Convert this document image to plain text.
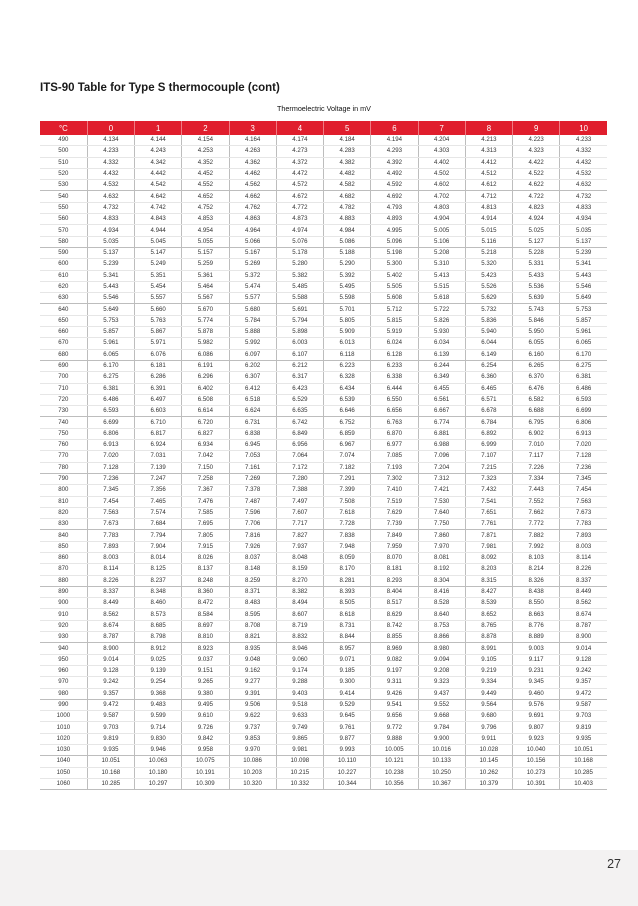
ITS-90 Table for Type S thermocouple (cont)
Thermoelectric Voltage in mV
°C	0	1	2	3	4	5	6	7	8	9	10
490	4.134	4.144	4.154	4.164	4.174	4.184	4.194	4.204	4.213	4.223	4.233
500	4.233	4.243	4.253	4.263	4.273	4.283	4.293	4.303	4.313	4.323	4.332
510	4.332	4.342	4.352	4.362	4.372	4.382	4.392	4.402	4.412	4.422	4.432
520	4.432	4.442	4.452	4.462	4.472	4.482	4.492	4.502	4.512	4.522	4.532
530	4.532	4.542	4.552	4.562	4.572	4.582	4.592	4.602	4.612	4.622	4.632
540	4.632	4.642	4.652	4.662	4.672	4.682	4.692	4.702	4.712	4.722	4.732
550	4.732	4.742	4.752	4.762	4.772	4.782	4.793	4.803	4.813	4.823	4.833
560	4.833	4.843	4.853	4.863	4.873	4.883	4.893	4.904	4.914	4.924	4.934
570	4.934	4.944	4.954	4.964	4.974	4.984	4.995	5.005	5.015	5.025	5.035
580	5.035	5.045	5.055	5.066	5.076	5.086	5.096	5.106	5.116	5.127	5.137
590	5.137	5.147	5.157	5.167	5.178	5.188	5.198	5.208	5.218	5.228	5.239
600	5.239	5.249	5.259	5.269	5.280	5.290	5.300	5.310	5.320	5.331	5.341
610	5.341	5.351	5.361	5.372	5.382	5.392	5.402	5.413	5.423	5.433	5.443
620	5.443	5.454	5.464	5.474	5.485	5.495	5.505	5.515	5.526	5.536	5.546
630	5.546	5.557	5.567	5.577	5.588	5.598	5.608	5.618	5.629	5.639	5.649
640	5.649	5.660	5.670	5.680	5.691	5.701	5.712	5.722	5.732	5.743	5.753
650	5.753	5.763	5.774	5.784	5.794	5.805	5.815	5.826	5.836	5.846	5.857
660	5.857	5.867	5.878	5.888	5.898	5.909	5.919	5.930	5.940	5.950	5.961
670	5.961	5.971	5.982	5.992	6.003	6.013	6.024	6.034	6.044	6.055	6.065
680	6.065	6.076	6.086	6.097	6.107	6.118	6.128	6.139	6.149	6.160	6.170
690	6.170	6.181	6.191	6.202	6.212	6.223	6.233	6.244	6.254	6.265	6.275
700	6.275	6.286	6.296	6.307	6.317	6.328	6.338	6.349	6.360	6.370	6.381
710	6.381	6.391	6.402	6.412	6.423	6.434	6.444	6.455	6.465	6.476	6.486
720	6.486	6.497	6.508	6.518	6.529	6.539	6.550	6.561	6.571	6.582	6.593
730	6.593	6.603	6.614	6.624	6.635	6.646	6.656	6.667	6.678	6.688	6.699
740	6.699	6.710	6.720	6.731	6.742	6.752	6.763	6.774	6.784	6.795	6.806
750	6.806	6.817	6.827	6.838	6.849	6.859	6.870	6.881	6.892	6.902	6.913
760	6.913	6.924	6.934	6.945	6.956	6.967	6.977	6.988	6.999	7.010	7.020
770	7.020	7.031	7.042	7.053	7.064	7.074	7.085	7.096	7.107	7.117	7.128
780	7.128	7.139	7.150	7.161	7.172	7.182	7.193	7.204	7.215	7.226	7.236
790	7.236	7.247	7.258	7.269	7.280	7.291	7.302	7.312	7.323	7.334	7.345
800	7.345	7.356	7.367	7.378	7.388	7.399	7.410	7.421	7.432	7.443	7.454
810	7.454	7.465	7.476	7.487	7.497	7.508	7.519	7.530	7.541	7.552	7.563
820	7.563	7.574	7.585	7.596	7.607	7.618	7.629	7.640	7.651	7.662	7.673
830	7.673	7.684	7.695	7.706	7.717	7.728	7.739	7.750	7.761	7.772	7.783
840	7.783	7.794	7.805	7.816	7.827	7.838	7.849	7.860	7.871	7.882	7.893
850	7.893	7.904	7.915	7.926	7.937	7.948	7.959	7.970	7.981	7.992	8.003
860	8.003	8.014	8.026	8.037	8.048	8.059	8.070	8.081	8.092	8.103	8.114
870	8.114	8.125	8.137	8.148	8.159	8.170	8.181	8.192	8.203	8.214	8.226
880	8.226	8.237	8.248	8.259	8.270	8.281	8.293	8.304	8.315	8.326	8.337
890	8.337	8.348	8.360	8.371	8.382	8.393	8.404	8.416	8.427	8.438	8.449
900	8.449	8.460	8.472	8.483	8.494	8.505	8.517	8.528	8.539	8.550	8.562
910	8.562	8.573	8.584	8.595	8.607	8.618	8.629	8.640	8.652	8.663	8.674
920	8.674	8.685	8.697	8.708	8.719	8.731	8.742	8.753	8.765	8.776	8.787
930	8.787	8.798	8.810	8.821	8.832	8.844	8.855	8.866	8.878	8.889	8.900
940	8.900	8.912	8.923	8.935	8.946	8.957	8.969	8.980	8.991	9.003	9.014
950	9.014	9.025	9.037	9.048	9.060	9.071	9.082	9.094	9.105	9.117	9.128
960	9.128	9.139	9.151	9.162	9.174	9.185	9.197	9.208	9.219	9.231	9.242
970	9.242	9.254	9.265	9.277	9.288	9.300	9.311	9.323	9.334	9.345	9.357
980	9.357	9.368	9.380	9.391	9.403	9.414	9.426	9.437	9.449	9.460	9.472
990	9.472	9.483	9.495	9.506	9.518	9.529	9.541	9.552	9.564	9.576	9.587
1000	9.587	9.599	9.610	9.622	9.633	9.645	9.656	9.668	9.680	9.691	9.703
1010	9.703	9.714	9.726	9.737	9.749	9.761	9.772	9.784	9.796	9.807	9.819
1020	9.819	9.830	9.842	9.853	9.865	9.877	9.888	9.900	9.911	9.923	9.935
1030	9.935	9.946	9.958	9.970	9.981	9.993	10.005	10.016	10.028	10.040	10.051
1040	10.051	10.063	10.075	10.086	10.098	10.110	10.121	10.133	10.145	10.156	10.168
1050	10.168	10.180	10.191	10.203	10.215	10.227	10.238	10.250	10.262	10.273	10.285
1060	10.285	10.297	10.309	10.320	10.332	10.344	10.356	10.367	10.379	10.391	10.403
27
